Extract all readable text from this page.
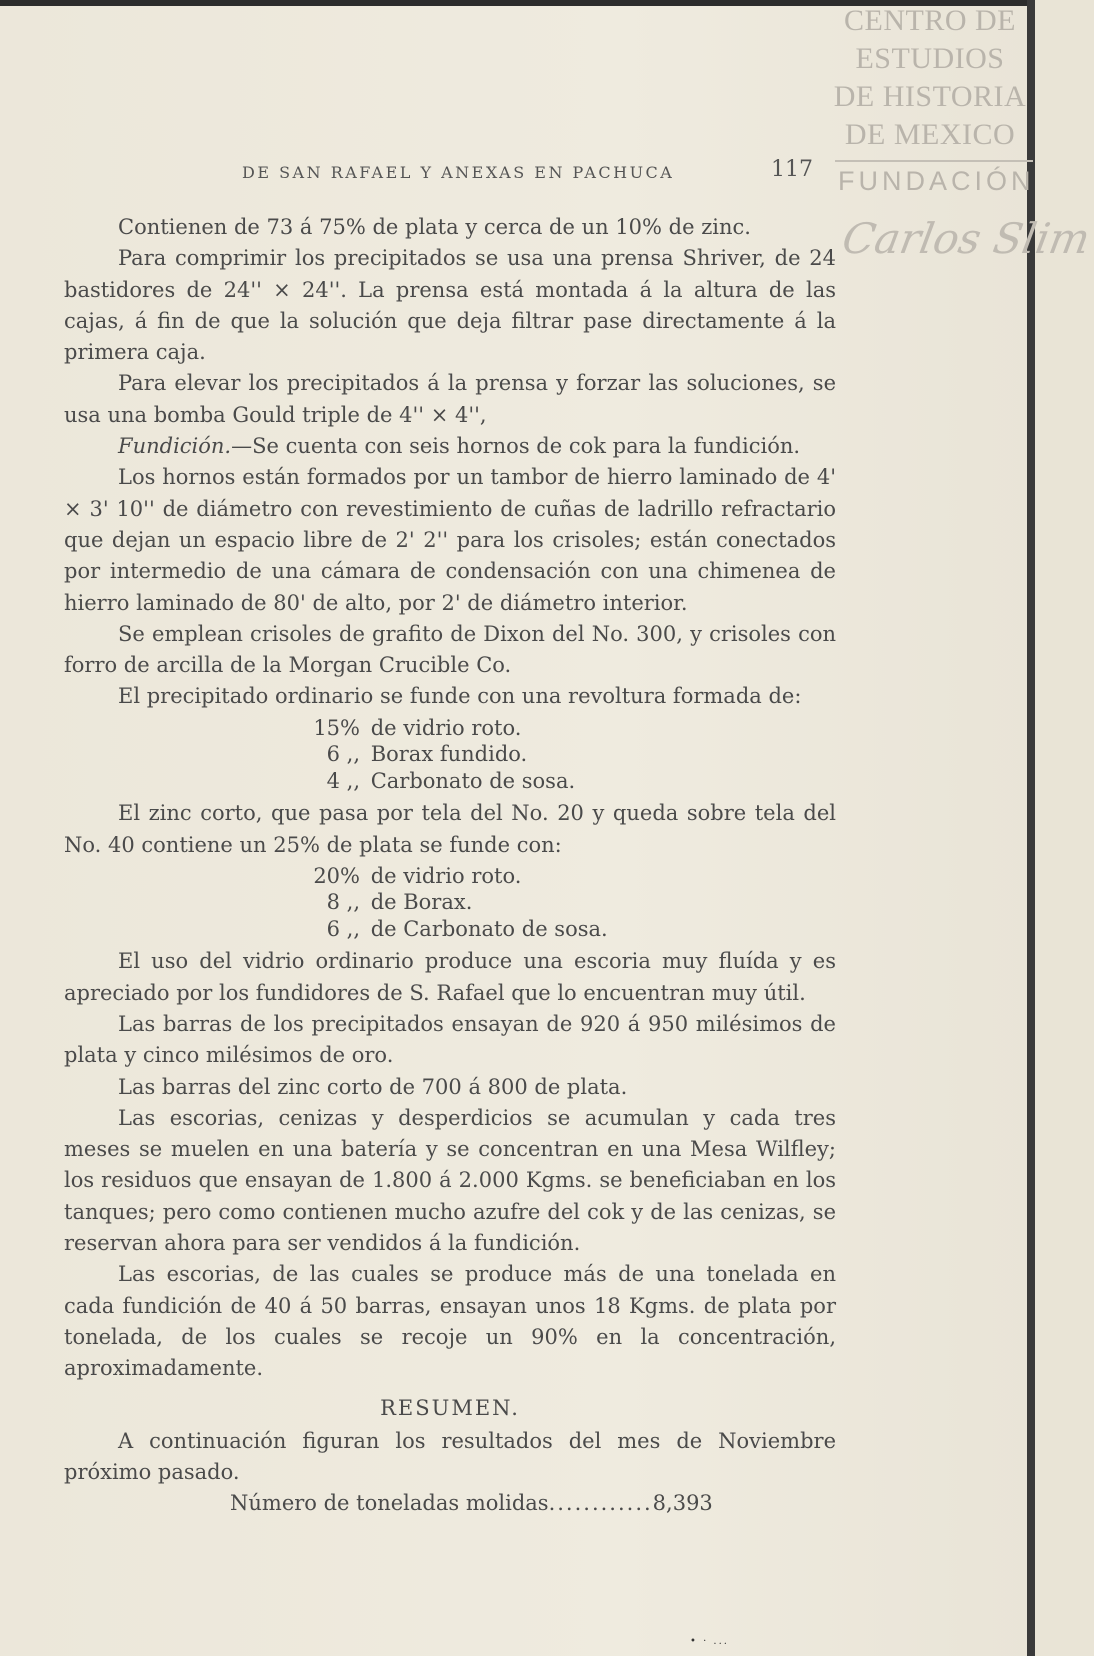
CENTRO DE
ESTUDIOS
DE HISTORIA
DE MEXICO
FUNDACIÓN
Carlos Slim
DE SAN RAFAEL Y ANEXAS EN PACHUCA	117

Contienen de 73 á 75% de plata y cerca de un 10% de zinc.

Para comprimir los precipitados se usa una prensa Shriver, de 24 bastidores de 24'' × 24''. La prensa está montada á la altura de las cajas, á fin de que la solución que deja filtrar pase directamente á la primera caja.

Para elevar los precipitados á la prensa y forzar las soluciones, se usa una bomba Gould triple de 4'' × 4'',

Fundición.—Se cuenta con seis hornos de cok para la fundición.

Los hornos están formados por un tambor de hierro laminado de 4' × 3' 10'' de diámetro con revestimiento de cuñas de ladrillo refractario que dejan un espacio libre de 2' 2'' para los crisoles; están conectados por intermedio de una cámara de condensación con una chimenea de hierro laminado de 80' de alto, por 2' de diámetro interior.

Se emplean crisoles de grafito de Dixon del No. 300, y crisoles con forro de arcilla de la Morgan Crucible Co.

El precipitado ordinario se funde con una revoltura formada de:

15% de vidrio roto.
6 ,, Borax fundido.
4 ,, Carbonato de sosa.

El zinc corto, que pasa por tela del No. 20 y queda sobre tela del No. 40 contiene un 25% de plata se funde con:

20% de vidrio roto.
8 ,, de Borax.
6 ,, de Carbonato de sosa.

El uso del vidrio ordinario produce una escoria muy fluída y es apreciado por los fundidores de S. Rafael que lo encuentran muy útil.

Las barras de los precipitados ensayan de 920 á 950 milésimos de plata y cinco milésimos de oro.

Las barras del zinc corto de 700 á 800 de plata.

Las escorias, cenizas y desperdicios se acumulan y cada tres meses se muelen en una batería y se concentran en una Mesa Wilfley; los residuos que ensayan de 1.800 á 2.000 Kgms. se beneficiaban en los tanques; pero como contienen mucho azufre del cok y de las cenizas, se reservan ahora para ser vendidos á la fundición.

Las escorias, de las cuales se produce más de una tonelada en cada fundición de 40 á 50 barras, ensayan unos 18 Kgms. de plata por tonelada, de los cuales se recoje un 90% en la concentración, aproximadamente.

RESUMEN.

A continuación figuran los resultados del mes de Noviembre próximo pasado.

Número de toneladas molidas............8,393

• · ...
